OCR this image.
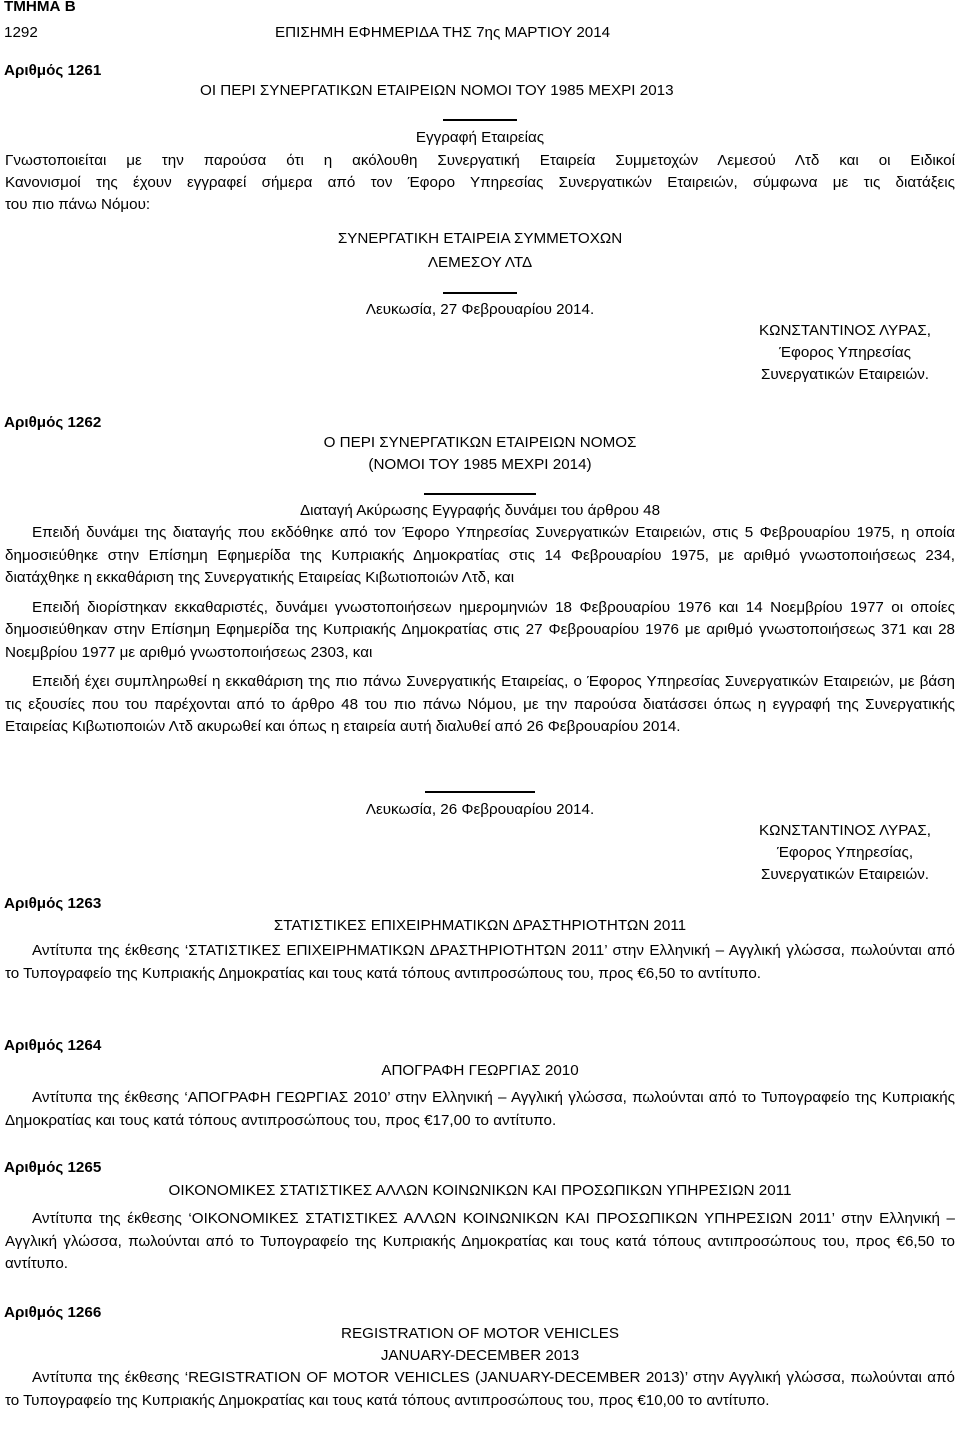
ΤΜΗΜΑ Β
1292	ΕΠΙΣΗΜΗ ΕΦΗΜΕΡΙΔΑ ΤΗΣ 7ης ΜΑΡΤΙΟΥ 2014
Αριθμός 1261
ΟΙ ΠΕΡΙ ΣΥΝΕΡΓΑΤΙΚΩΝ ΕΤΑΙΡΕΙΩΝ ΝΟΜΟΙ ΤΟΥ 1985 ΜΕΧΡΙ 2013
Εγγραφή Εταιρείας
Γνωστοποιείται με την παρούσα ότι η ακόλουθη Συνεργατική Εταιρεία Συμμετοχών Λεμεσού Λτδ και οι Ειδικοί
Κανονισμοί της έχουν εγγραφεί σήμερα από τον Έφορο Υπηρεσίας Συνεργατικών Εταιρειών, σύμφωνα με τις διατάξεις
του πιο πάνω Νόμου:
ΣΥΝΕΡΓΑΤΙΚΗ ΕΤΑΙΡΕΙΑ ΣΥΜΜΕΤΟΧΩΝ
ΛΕΜΕΣΟΥ ΛΤΔ
Λευκωσία, 27 Φεβρουαρίου 2014.
ΚΩΝΣΤΑΝΤΙΝΟΣ ΛΥΡΑΣ,
Έφορος Υπηρεσίας
Συνεργατικών Εταιρειών.
Αριθμός 1262
Ο ΠΕΡΙ ΣΥΝΕΡΓΑΤΙΚΩΝ ΕΤΑΙΡΕΙΩΝ ΝΟΜΟΣ
(ΝΟΜΟΙ ΤΟΥ 1985 ΜΕΧΡΙ 2014)
Διαταγή Ακύρωσης Εγγραφής δυνάμει του άρθρου 48

Επειδή δυνάμει της διαταγής που εκδόθηκε από τον Έφορο Υπηρεσίας Συνεργατικών Εταιρειών, στις 5 Φεβρουαρίου 1975, η οποία δημοσιεύθηκε στην Επίσημη Εφημερίδα της Κυπριακής Δημοκρατίας στις 14 Φεβρουαρίου 1975, με αριθμό γνωστοποιήσεως 234, διατάχθηκε η εκκαθάριση της Συνεργατικής Εταιρείας Κιβωτιοποιών Λτδ, και

Επειδή διορίστηκαν εκκαθαριστές, δυνάμει γνωστοποιήσεων ημερομηνιών 18 Φεβρουαρίου 1976 και 14 Νοεμβρίου 1977 οι οποίες δημοσιεύθηκαν στην Επίσημη Εφημερίδα της Κυπριακής Δημοκρατίας στις 27 Φεβρουαρίου 1976 με αριθμό γνωστοποιήσεως 371 και 28 Νοεμβρίου 1977 με αριθμό γνωστοποιήσεως 2303, και

Επειδή έχει συμπληρωθεί η εκκαθάριση της πιο πάνω Συνεργατικής Εταιρείας, ο Έφορος Υπηρεσίας Συνεργατικών Εταιρειών, με βάση τις εξουσίες που του παρέχονται από το άρθρο 48 του πιο πάνω Νόμου, με την παρούσα διατάσσει όπως η εγγραφή της Συνεργατικής Εταιρείας Κιβωτιοποιών Λτδ ακυρωθεί και όπως η εταιρεία αυτή διαλυθεί από 26 Φεβρουαρίου 2014.

Λευκωσία, 26 Φεβρουαρίου 2014.
ΚΩΝΣΤΑΝΤΙΝΟΣ ΛΥΡΑΣ,
Έφορος Υπηρεσίας,
Συνεργατικών Εταιρειών.
Αριθμός 1263
ΣΤΑΤΙΣΤΙΚΕΣ ΕΠΙΧΕΙΡΗΜΑΤΙΚΩΝ ΔΡΑΣΤΗΡΙΟΤΗΤΩΝ 2011

Αντίτυπα της έκθεσης ‘ΣΤΑΤΙΣΤΙΚΕΣ ΕΠΙΧΕΙΡΗΜΑΤΙΚΩΝ ΔΡΑΣΤΗΡΙΟΤΗΤΩΝ 2011’ στην Ελληνική – Αγγλική γλώσσα, πωλούνται από το Τυπογραφείο της Κυπριακής Δημοκρατίας και τους κατά τόπους αντιπροσώπους του, προς €6,50 το αντίτυπο.

Αριθμός 1264
ΑΠΟΓΡΑΦΗ ΓΕΩΡΓΙΑΣ 2010

Αντίτυπα της έκθεσης ‘ΑΠΟΓΡΑΦΗ ΓΕΩΡΓΙΑΣ 2010’ στην Ελληνική – Αγγλική γλώσσα, πωλούνται από το Τυπογραφείο της Κυπριακής Δημοκρατίας και τους κατά τόπους αντιπροσώπους του, προς €17,00 το αντίτυπο.

Αριθμός 1265
ΟΙΚΟΝΟΜΙΚΕΣ ΣΤΑΤΙΣΤΙΚΕΣ ΑΛΛΩΝ ΚΟΙΝΩΝΙΚΩΝ ΚΑΙ ΠΡΟΣΩΠΙΚΩΝ ΥΠΗΡΕΣΙΩΝ 2011

Αντίτυπα της έκθεσης ‘ΟΙΚΟΝΟΜΙΚΕΣ ΣΤΑΤΙΣΤΙΚΕΣ ΑΛΛΩΝ ΚΟΙΝΩΝΙΚΩΝ ΚΑΙ ΠΡΟΣΩΠΙΚΩΝ ΥΠΗΡΕΣΙΩΝ 2011’ στην Ελληνική – Αγγλική γλώσσα, πωλούνται από το Τυπογραφείο της Κυπριακής Δημοκρατίας και τους κατά τόπους αντιπροσώπους του, προς €6,50 το αντίτυπο.

Αριθμός 1266
REGISTRATION OF MOTOR VEHICLES
JANUARY-DECEMBER 2013

Αντίτυπα της έκθεσης ‘REGISTRATION OF MOTOR VEHICLES (JANUARY-DECEMBER 2013)’ στην Αγγλική γλώσσα, πωλούνται από το Τυπογραφείο της Κυπριακής Δημοκρατίας και τους κατά τόπους αντιπροσώπους του, προς €10,00 το αντίτυπο.
